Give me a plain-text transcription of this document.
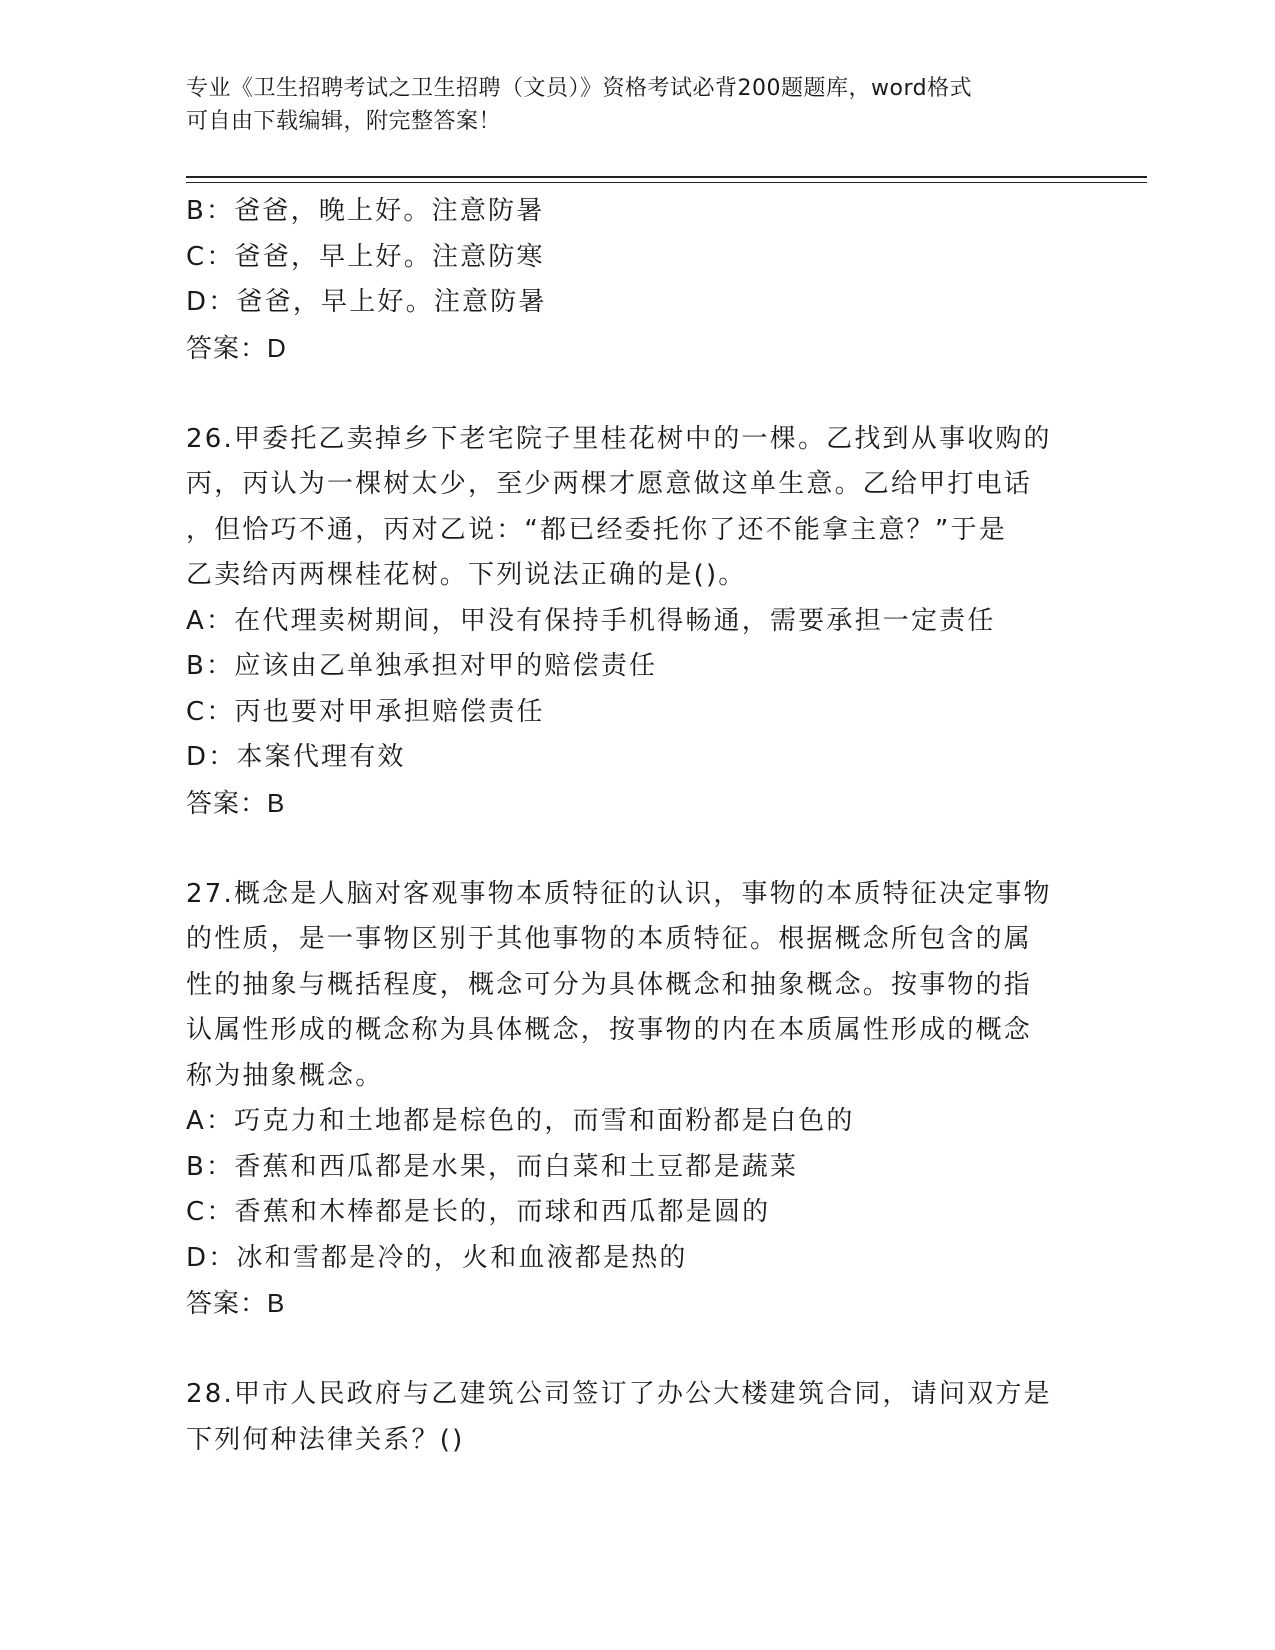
专业《卫生招聘考试之卫生招聘（文员）》资格考试必背200题题库，word格式
可自由下载编辑，附完整答案！
B：爸爸，晚上好。注意防暑
C：爸爸，早上好。注意防寒
D：爸爸，早上好。注意防暑
答案：D
26.甲委托乙卖掉乡下老宅院子里桂花树中的一棵。乙找到从事收购的
丙，丙认为一棵树太少，至少两棵才愿意做这单生意。乙给甲打电话
，但恰巧不通，丙对乙说：“都已经委托你了还不能拿主意？”于是
乙卖给丙两棵桂花树。下列说法正确的是()。
A：在代理卖树期间，甲没有保持手机得畅通，需要承担一定责任
B：应该由乙单独承担对甲的赔偿责任
C：丙也要对甲承担赔偿责任
D：本案代理有效
答案：B
27.概念是人脑对客观事物本质特征的认识，事物的本质特征决定事物
的性质，是一事物区别于其他事物的本质特征。根据概念所包含的属
性的抽象与概括程度，概念可分为具体概念和抽象概念。按事物的指
认属性形成的概念称为具体概念，按事物的内在本质属性形成的概念
称为抽象概念。
A：巧克力和土地都是棕色的，而雪和面粉都是白色的
B：香蕉和西瓜都是水果，而白菜和土豆都是蔬菜
C：香蕉和木棒都是长的，而球和西瓜都是圆的
D：冰和雪都是冷的，火和血液都是热的
答案：B
28.甲市人民政府与乙建筑公司签订了办公大楼建筑合同，请问双方是
下列何种法律关系？()
